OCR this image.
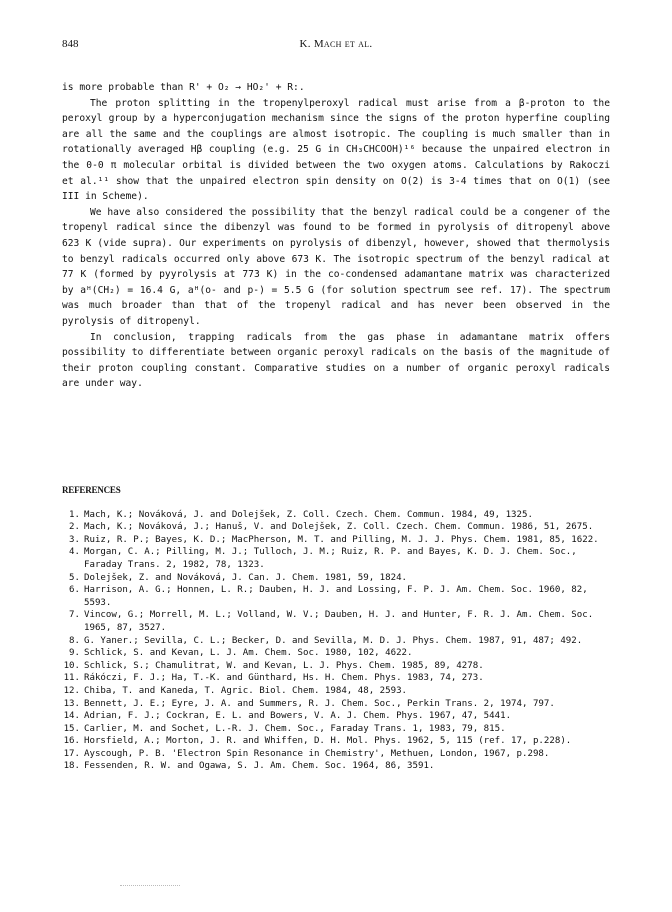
848	K. Mach et al.

is more probable than R' + O₂ → HO₂' + R:.

The proton splitting in the tropenylperoxyl radical must arise from a β-proton to the peroxyl group by a hyperconjugation mechanism since the signs of the proton hyperfine coupling are all the same and the couplings are almost isotropic. The coupling is much smaller than in rotationally averaged Hβ coupling (e.g. 25 G in CH₃CHCOOH)¹⁶ because the unpaired electron in the 0-0 π molecular orbital is divided between the two oxygen atoms. Calculations by Rakoczi et al.¹¹ show that the unpaired electron spin density on O(2) is 3-4 times that on O(1) (see III in Scheme).

We have also considered the possibility that the benzyl radical could be a congener of the tropenyl radical since the dibenzyl was found to be formed in pyrolysis of ditropenyl above 623 K (vide supra). Our experiments on pyrolysis of dibenzyl, however, showed that thermolysis to benzyl radicals occurred only above 673 K. The isotropic spectrum of the benzyl radical at 77 K (formed by pyyrolysis at 773 K) in the co-condensed adamantane matrix was characterized by aᴴ(CH₂) = 16.4 G, aᴴ(o- and p-) = 5.5 G (for solution spectrum see ref. 17). The spectrum was much broader than that of the tropenyl radical and has never been observed in the pyrolysis of ditropenyl.

In conclusion, trapping radicals from the gas phase in adamantane matrix offers possibility to differentiate between organic peroxyl radicals on the basis of the magnitude of their proton coupling constant. Comparative studies on a number of organic peroxyl radicals are under way.

REFERENCES
1. Mach, K.; Nováková, J. and Dolejšek, Z. Coll. Czech. Chem. Commun. 1984, 49, 1325.
2. Mach, K.; Nováková, J.; Hanuš, V. and Dolejšek, Z. Coll. Czech. Chem. Commun. 1986, 51, 2675.
3. Ruiz, R. P.; Bayes, K. D.; MacPherson, M. T. and Pilling, M. J. J. Phys. Chem. 1981, 85, 1622.
4. Morgan, C. A.; Pilling, M. J.; Tulloch, J. M.; Ruiz, R. P. and Bayes, K. D. J. Chem. Soc., Faraday Trans. 2, 1982, 78, 1323.
5. Dolejšek, Z. and Nováková, J. Can. J. Chem. 1981, 59, 1824.
6. Harrison, A. G.; Honnen, L. R.; Dauben, H. J. and Lossing, F. P. J. Am. Chem. Soc. 1960, 82, 5593.
7. Vincow, G.; Morrell, M. L.; Volland, W. V.; Dauben, H. J. and Hunter, F. R. J. Am. Chem. Soc. 1965, 87, 3527.
8. G. Yaner.; Sevilla, C. L.; Becker, D. and Sevilla, M. D. J. Phys. Chem. 1987, 91, 487; 492.
9. Schlick, S. and Kevan, L. J. Am. Chem. Soc. 1980, 102, 4622.
10. Schlick, S.; Chamulitrat, W. and Kevan, L. J. Phys. Chem. 1985, 89, 4278.
11. Rákóczi, F. J.; Ha, T.-K. and Günthard, Hs. H. Chem. Phys. 1983, 74, 273.
12. Chiba, T. and Kaneda, T. Agric. Biol. Chem. 1984, 48, 2593.
13. Bennett, J. E.; Eyre, J. A. and Summers, R. J. Chem. Soc., Perkin Trans. 2, 1974, 797.
14. Adrian, F. J.; Cockran, E. L. and Bowers, V. A. J. Chem. Phys. 1967, 47, 5441.
15. Carlier, M. and Sochet, L.-R. J. Chem. Soc., Faraday Trans. 1, 1983, 79, 815.
16. Horsfield, A.; Morton, J. R. and Whiffen, D. H. Mol. Phys. 1962, 5, 115 (ref. 17, p.228).
17. Ayscough, P. B. 'Electron Spin Resonance in Chemistry', Methuen, London, 1967, p.298.
18. Fessenden, R. W. and Ogawa, S. J. Am. Chem. Soc. 1964, 86, 3591.
